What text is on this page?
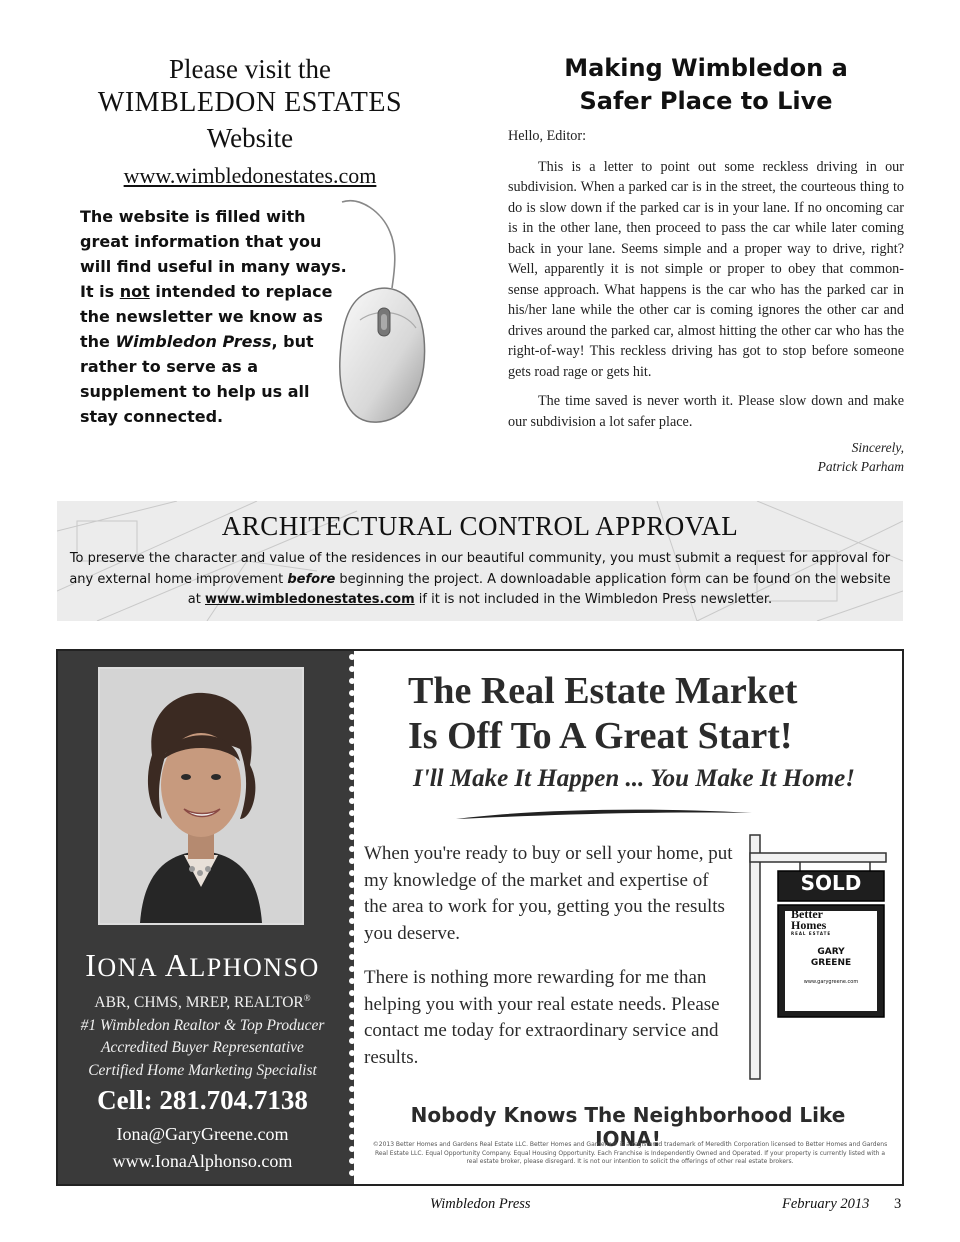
Please visit the
WIMBLEDON ESTATES
Website
www.wimbledonestates.com
The website is filled with great information that you will find useful in many ways. It is not intended to replace the newsletter we know as the Wimbledon Press, but rather to serve as a supplement to help us all stay connected.
Making Wimbledon a
Safer Place to Live

Hello, Editor:

This is a letter to point out some reckless driving in our subdivision. When a parked car is in the street, the courteous thing to do is slow down if the parked car is in your lane. If no oncoming car is in the other lane, then proceed to pass the car while later coming back in your lane. Seems simple and a proper way to drive, right? Well, apparently it is not simple or proper to obey that common-sense approach. What happens is the car who has the parked car in his/her lane while the other car is coming ignores the other car and drives around the parked car, almost hitting the other car who has the right-of-way! This reckless driving has got to stop before someone gets road rage or gets hit.

The time saved is never worth it. Please slow down and make our subdivision a lot safer place.

Sincerely,
Patrick Parham
ARCHITECTURAL CONTROL APPROVAL
To preserve the character and value of the residences in our beautiful community, you must submit a request for approval for any external home improvement before beginning the project. A downloadable application form can be found on the website at www.wimbledonestates.com if it is not included in the Wimbledon Press newsletter.
IONA ALPHONSO
ABR, CHMS, MREP, REALTOR®
#1 Wimbledon Realtor & Top Producer
Accredited Buyer Representative
Certified Home Marketing Specialist
Cell: 281.704.7138
Iona@GaryGreene.com
www.IonaAlphonso.com
The Real Estate Market
Is Off To A Great Start!
I'll Make It Happen ... You Make It Home!
When you're ready to buy or sell your home, put my knowledge of the market and expertise of the area to work for you, getting you the results you deserve.
There is nothing more rewarding for me than helping you with your real estate needs. Please contact me today for extraordinary service and results.
SOLD
Better
Homes
REAL ESTATE
GARY
GREENE
www.garygreene.com
Nobody Knows The Neighborhood Like IONA!
©2013 Better Homes and Gardens Real Estate LLC. Better Homes and Gardens® is a registered trademark of Meredith Corporation licensed to Better Homes and Gardens Real Estate LLC. Equal Opportunity Company. Equal Housing Opportunity. Each Franchise is Independently Owned and Operated. If your property is currently listed with a real estate broker, please disregard. It is not our intention to solicit the offerings of other real estate brokers.
Wimbledon Press	February 2013 3
